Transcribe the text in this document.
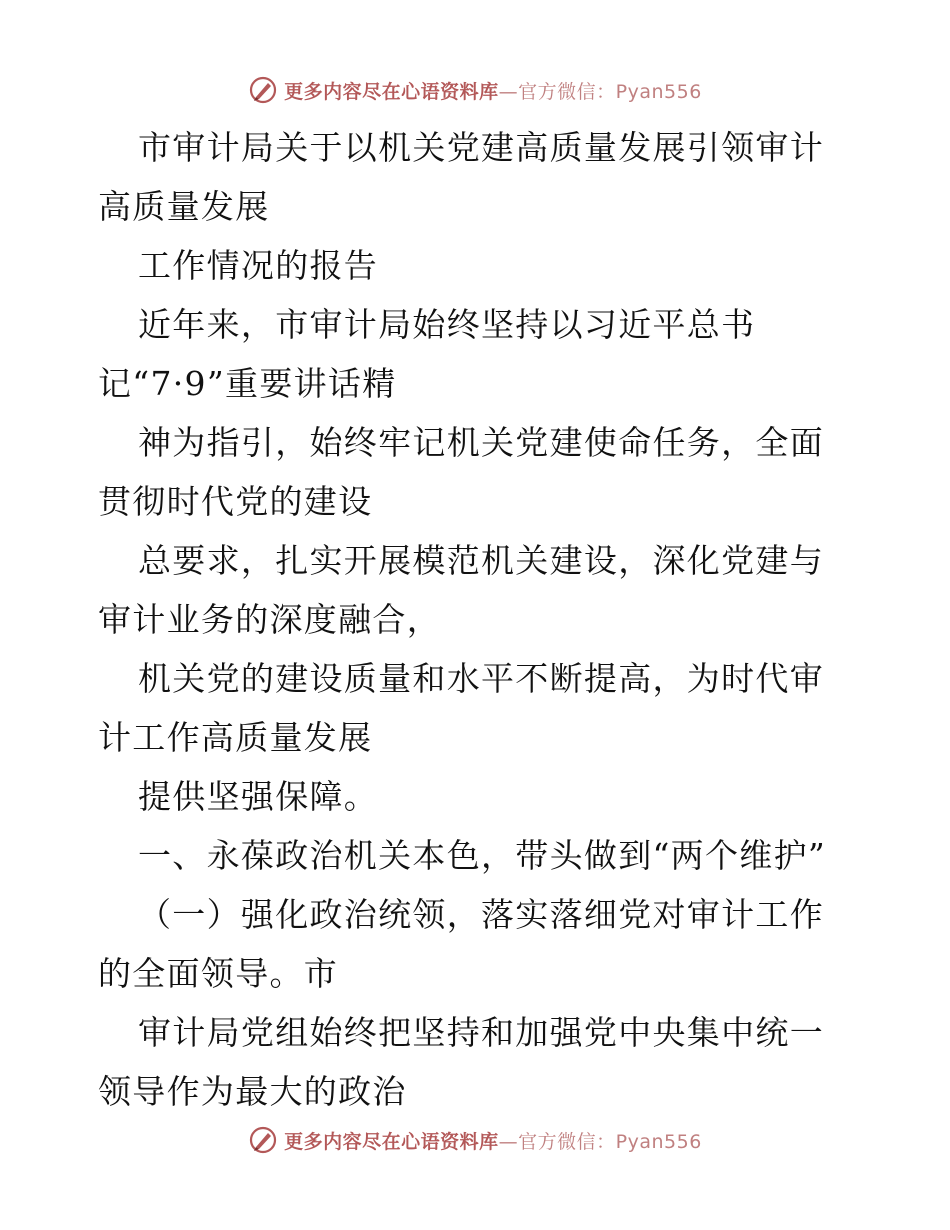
更多内容尽在心语资料库—官方微信：Pyan556

市审计局关于以机关党建高质量发展引领审计高质量发展

工作情况的报告

近年来，市审计局始终坚持以习近平总书

记“7·9”重要讲话精

神为指引，始终牢记机关党建使命任务，全面贯彻时代党的建设

总要求，扎实开展模范机关建设，深化党建与审计业务的深度融合，

机关党的建设质量和水平不断提高，为时代审计工作高质量发展

提供坚强保障。

一、永葆政治机关本色，带头做到“两个维护”

（一）强化政治统领，落实落细党对审计工作的全面领导。市

审计局党组始终把坚持和加强党中央集中统一领导作为最大的政治

更多内容尽在心语资料库—官方微信：Pyan556
